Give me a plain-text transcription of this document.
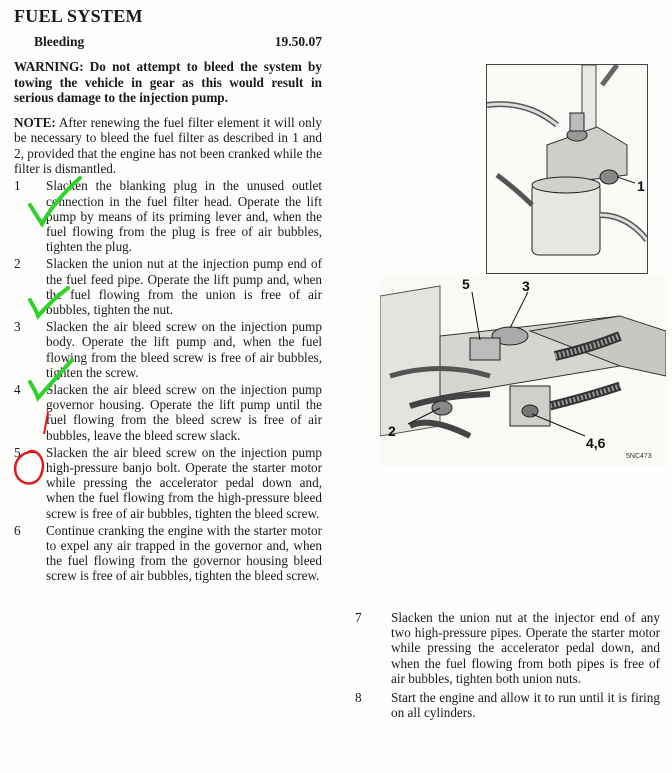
FUEL SYSTEM
Bleeding	19.50.07
WARNING: Do not attempt to bleed the system by towing the vehicle in gear as this would result in serious damage to the injection pump.
NOTE: After renewing the fuel filter element it will only be necessary to bleed the fuel filter as described in 1 and 2, provided that the engine has not been cranked while the filter is dismantled.
1	Slacken the blanking plug in the unused outlet connection in the fuel filter head. Operate the lift pump by means of its priming lever and, when the fuel flowing from the plug is free of air bubbles, tighten the plug.
2	Slacken the union nut at the injection pump end of the fuel feed pipe. Operate the lift pump and, when the fuel flowing from the union is free of air bubbles, tighten the nut.
3	Slacken the air bleed screw on the injection pump body. Operate the lift pump and, when the fuel flowing from the bleed screw is free of air bubbles, tighten the screw.
4	Slacken the air bleed screw on the injection pump governor housing. Operate the lift pump until the fuel flowing from the bleed screw is free of air bubbles, leave the bleed screw slack.
5	Slacken the air bleed screw on the injection pump high-pressure banjo bolt. Operate the starter motor while pressing the accelerator pedal down and, when the fuel flowing from the high-pressure bleed screw is free of air bubbles, tighten the bleed screw.
6	Continue cranking the engine with the starter motor to expel any air trapped in the governor and, when the fuel flowing from the governor housing bleed screw is free of air bubbles, tighten the bleed screw.
7	Slacken the union nut at the injector end of any two high-pressure pipes. Operate the starter motor while pressing the accelerator pedal down, and when the fuel flowing from both pipes is free of air bubbles, tighten both union nuts.
8	Start the engine and allow it to run until it is firing on all cylinders.
1
5	3
2
4,6
5NC473
